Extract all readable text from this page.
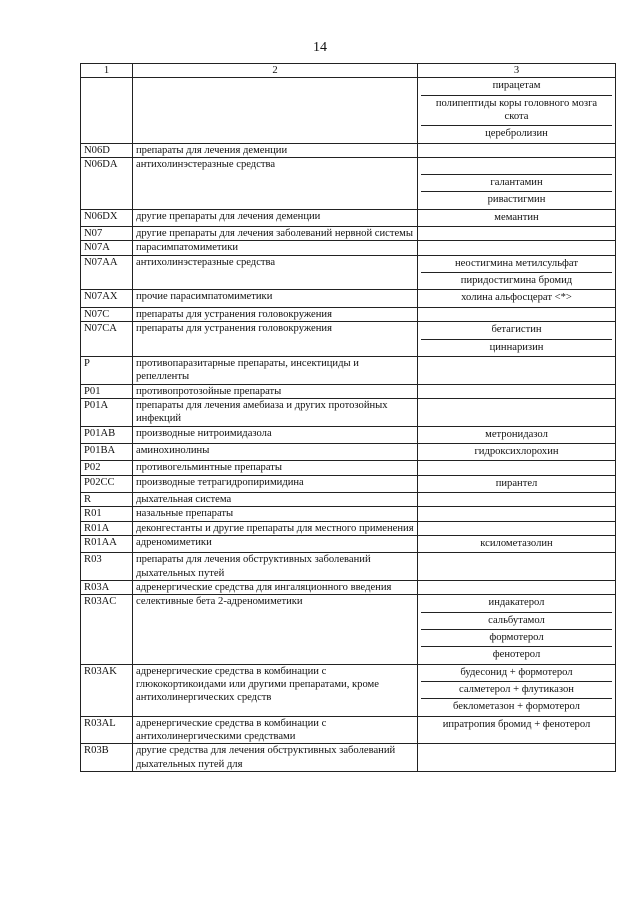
14
1	2	3

		пирацетам
полипептиды коры головного мозга скота
церебролизин

N06D	препараты для лечения деменции	
N06DA	антихолинэстеразные средства	галантамин
ривастигмин

N06DX	другие препараты для лечения деменции	мемантин

N07	другие препараты для лечения заболеваний нервной системы	
N07A	парасимпатомиметики	
N07AA	антихолинэстеразные средства	неостигмина метилсульфат
пиридостигмина бромид

N07AX	прочие парасимпатомиметики	холина альфосцерат <*>

N07C	препараты для устранения головокружения	
N07CA	препараты для устранения головокружения	бетагистин
циннаризин

P	противопаразитарные препараты, инсектициды и репелленты	
P01	противопротозойные препараты	
P01A	препараты для лечения амебиаза и других протозойных инфекций	
P01AB	производные нитроимидазола	метронидазол

P01BA	аминохинолины	гидроксихлорохин

P02	противогельминтные препараты	
P02CC	производные тетрагидропиримидина	пирантел

R	дыхательная система	
R01	назальные препараты	
R01A	деконгестанты и другие препараты для местного применения	
R01AA	адреномиметики	ксилометазолин

R03	препараты для лечения обструктивных заболеваний дыхательных путей	
R03A	адренергические средства для ингаляционного введения	
R03AC	селективные бета 2-адреномиметики	индакатерол
сальбутамол
формотерол
фенотерол

R03AK	адренергические средства в комбинации с глюкокортикоидами или другими препаратами, кроме антихолинергических средств	будесонид + формотерол
салметерол + флутиказон
беклометазон + формотерол

R03AL	адренергические средства в комбинации с антихолинергическими средствами	ипратропия бромид + фенотерол

R03B	другие средства для лечения обструктивных заболеваний дыхательных путей для	
